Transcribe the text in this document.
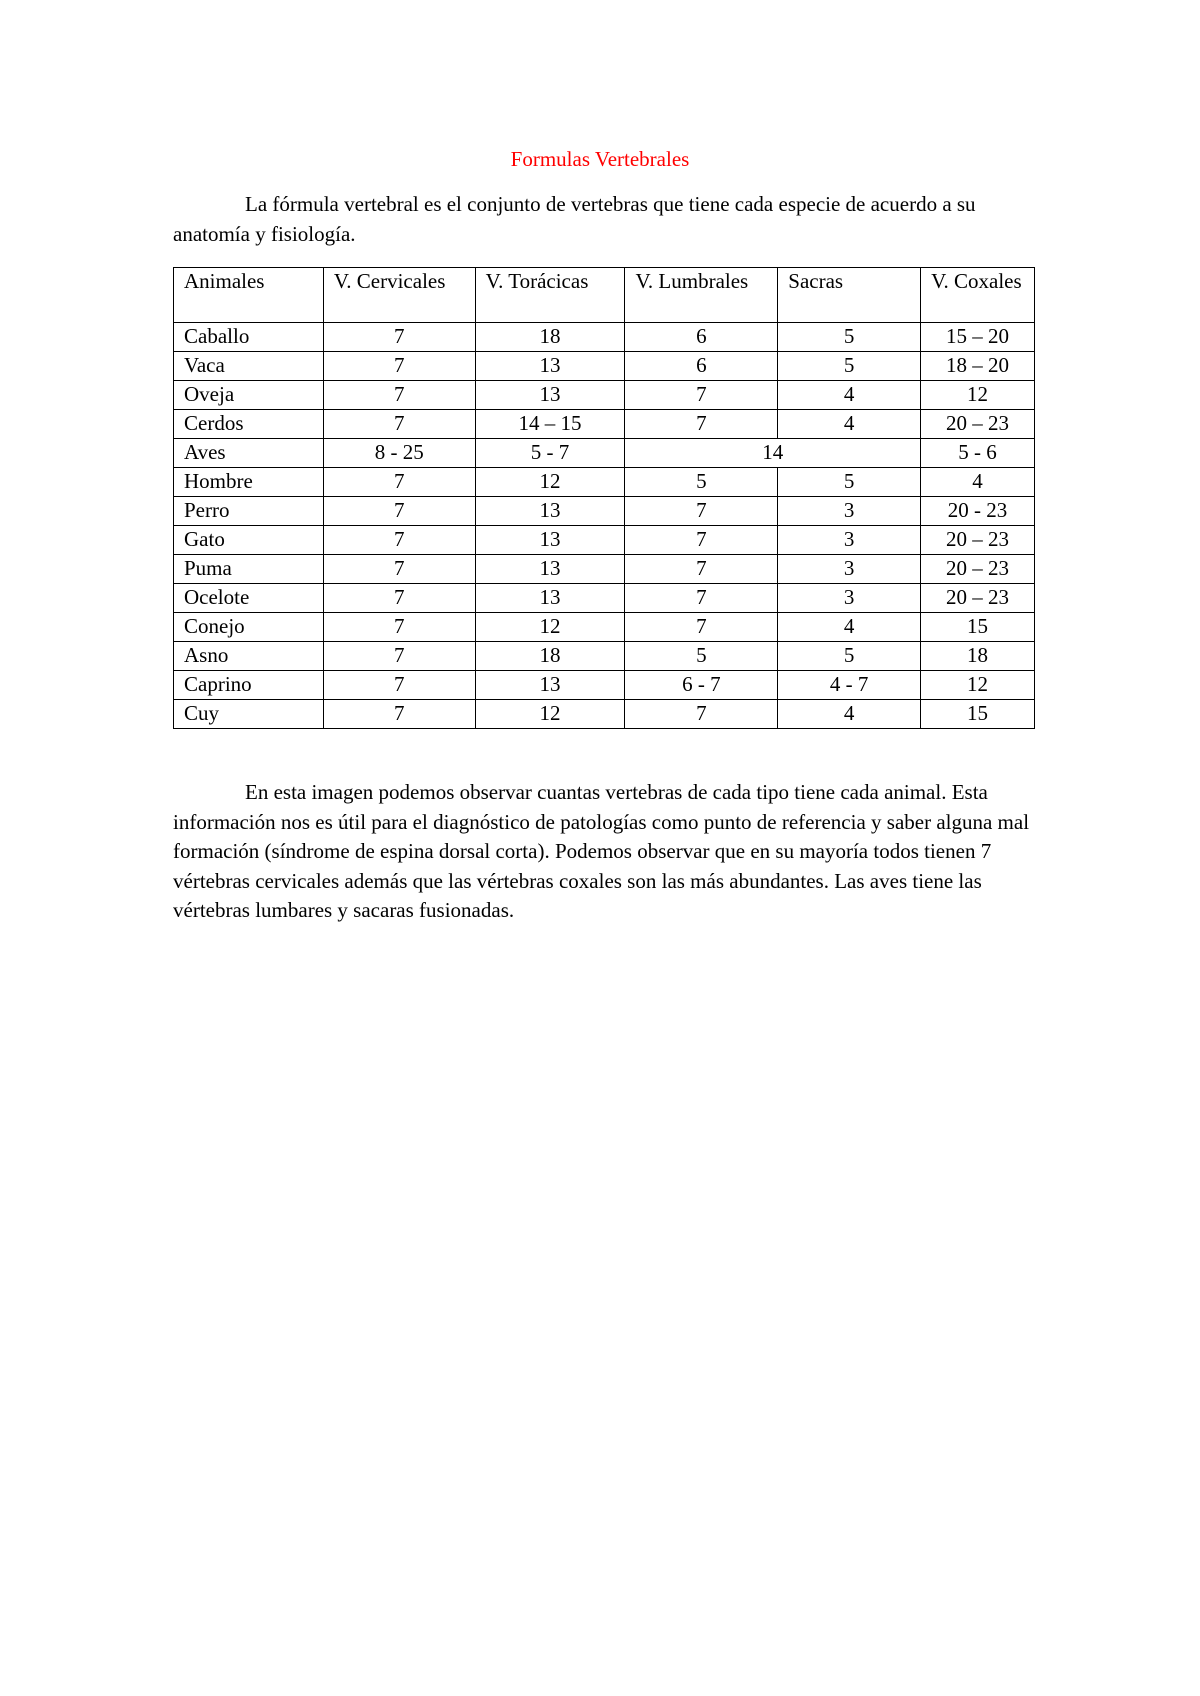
Formulas Vertebrales

La fórmula vertebral es el conjunto de vertebras que tiene cada especie de acuerdo a su anatomía y fisiología.

Animales	V. Cervicales	V. Torácicas	V. Lumbrales	Sacras	V. Coxales
Caballo	7	18	6	5	15 – 20
Vaca	7	13	6	5	18 – 20
Oveja	7	13	7	4	12
Cerdos	7	14 – 15	7	4	20 – 23
Aves	8 - 25	5 - 7	14		5 - 6
Hombre	7	12	5	5	4
Perro	7	13	7	3	20 - 23
Gato	7	13	7	3	20 – 23
Puma	7	13	7	3	20 – 23
Ocelote	7	13	7	3	20 – 23
Conejo	7	12	7	4	15
Asno	7	18	5	5	18
Caprino	7	13	6 - 7	4 - 7	12
Cuy	7	12	7	4	15

En esta imagen podemos observar cuantas vertebras de cada tipo tiene cada animal. Esta información nos es útil para el diagnóstico de patologías como punto de referencia y saber alguna mal formación (síndrome de espina dorsal corta). Podemos observar que en su mayoría todos tienen 7 vértebras cervicales además que las vértebras coxales son las más abundantes. Las aves tiene las vértebras lumbares y sacaras fusionadas.
